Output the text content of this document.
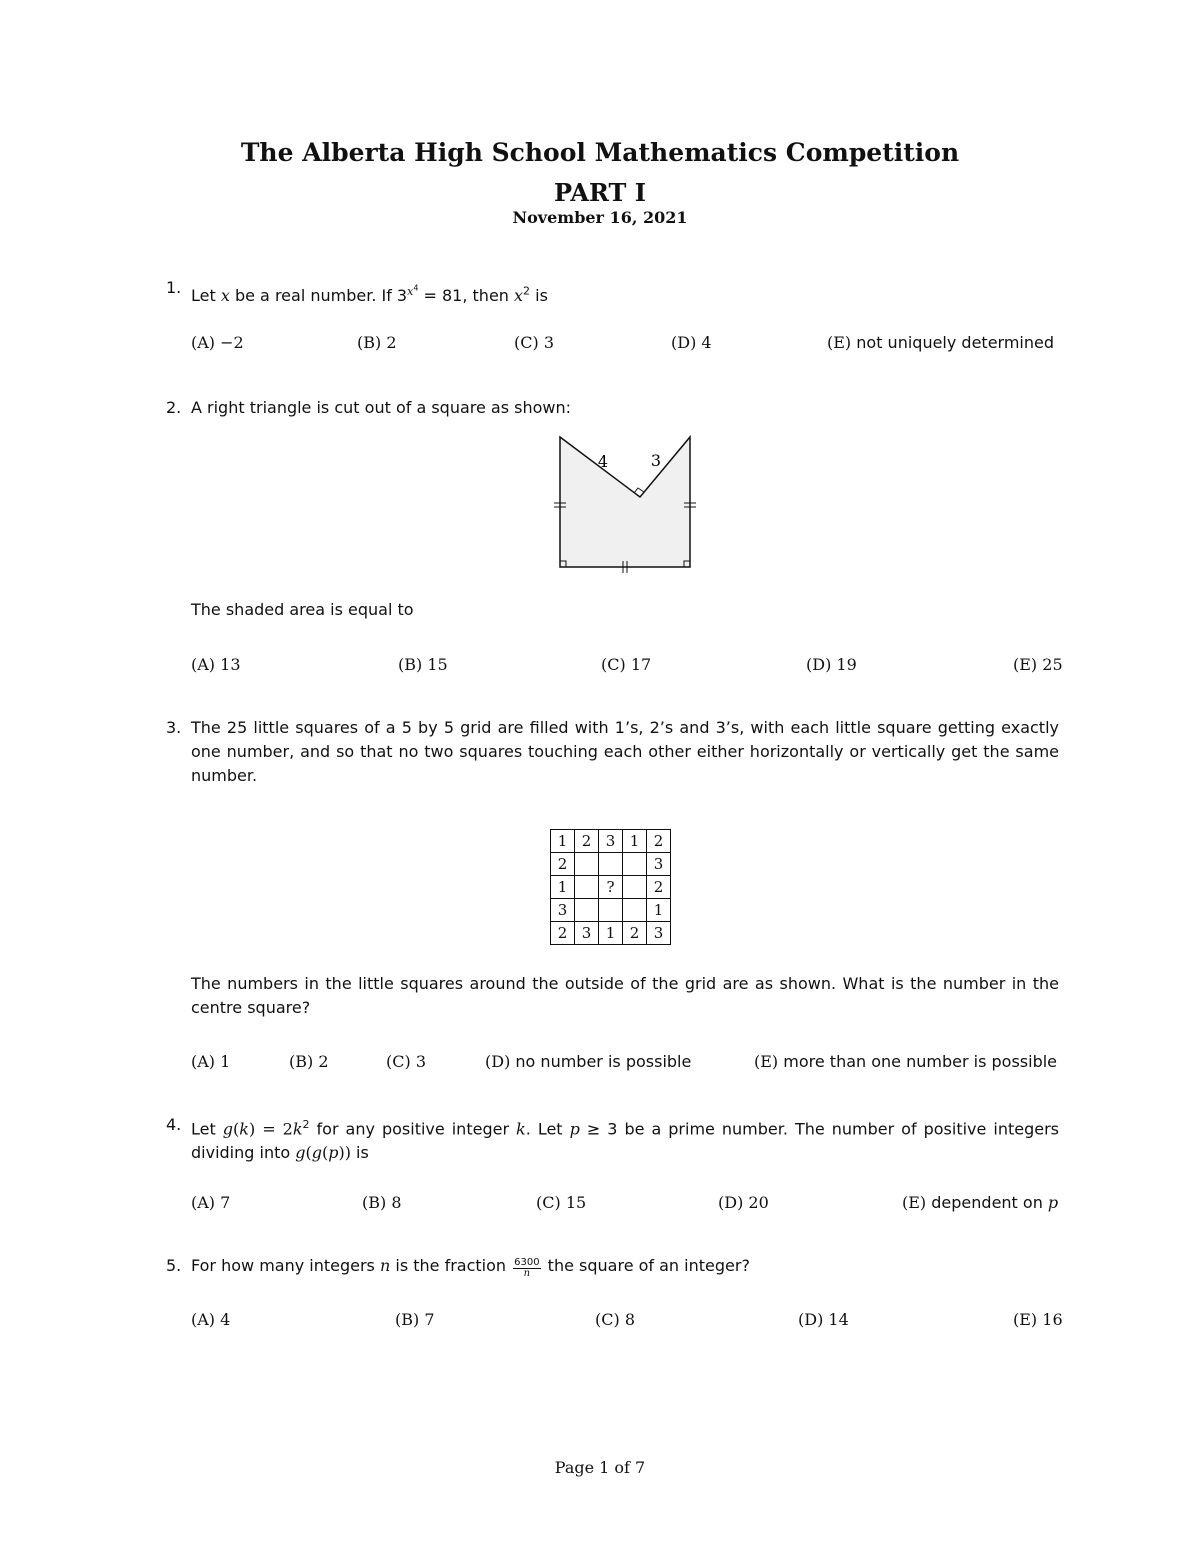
The Alberta High School Mathematics Competition
PART I
November 16, 2021
1. Let x be a real number. If $3^{x^4} = 81$, then $x^2$ is
(A) −2	(B) 2	(C) 3	(D) 4	(E) not uniquely determined
2. A right triangle is cut out of a square as shown:
4	3
The shaded area is equal to
(A) 13	(B) 15	(C) 17	(D) 19	(E) 25
3. The 25 little squares of a 5 by 5 grid are filled with 1’s, 2’s and 3’s, with each little square getting exactly one number, and so that no two squares touching each other either horizontally or vertically get the same number.
1	2	3	1	2
2				3
1		?		2
3				1
2	3	1	2	3
The numbers in the little squares around the outside of the grid are as shown. What is the number in the centre square?
(A) 1	(B) 2	(C) 3	(D) no number is possible	(E) more than one number is possible
4. Let $g(k) = 2k^2$ for any positive integer k. Let p ≥ 3 be a prime number. The number of positive integers dividing into g(g(p)) is
(A) 7	(B) 8	(C) 15	(D) 20	(E) dependent on p
5. For how many integers n is the fraction $\frac{6300}{n}$ the square of an integer?
(A) 4	(B) 7	(C) 8	(D) 14	(E) 16
Page 1 of 7
